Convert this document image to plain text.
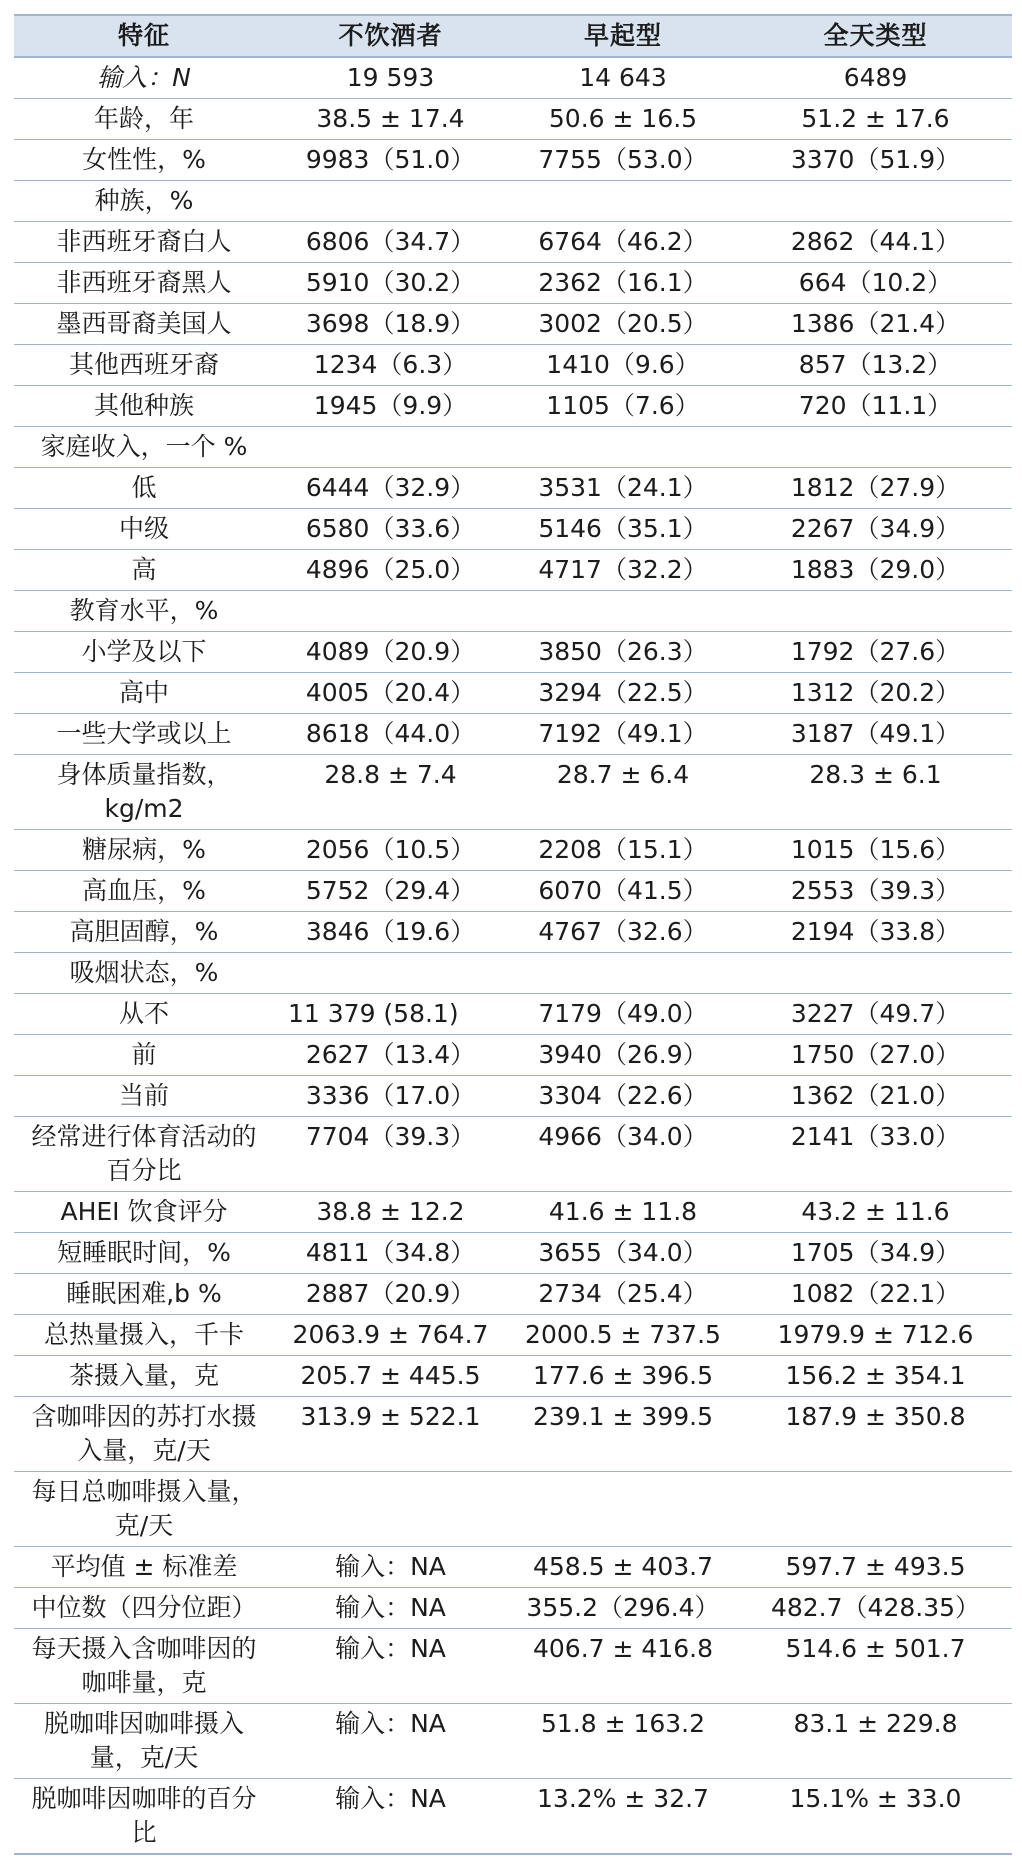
特征	不饮酒者	早起型	全天类型
输入：N	19 593	14 643	6489
年龄，年	38.5 ± 17.4	50.6 ± 16.5	51.2 ± 17.6
女性性，%	9983（51.0）	7755（53.0）	3370（51.9）
种族，%			
非西班牙裔白人	6806（34.7）	6764（46.2）	2862（44.1）
非西班牙裔黑人	5910（30.2）	2362（16.1）	664（10.2）
墨西哥裔美国人	3698（18.9）	3002（20.5）	1386（21.4）
其他西班牙裔	1234（6.3）	1410（9.6）	857（13.2）
其他种族	1945（9.9）	1105（7.6）	720（11.1）
家庭收入，一个 %			
低	6444（32.9）	3531（24.1）	1812（27.9）
中级	6580（33.6）	5146（35.1）	2267（34.9）
高	4896（25.0）	4717（32.2）	1883（29.0）
教育水平，%			
小学及以下	4089（20.9）	3850（26.3）	1792（27.6）
高中	4005（20.4）	3294（22.5）	1312（20.2）
一些大学或以上	8618（44.0）	7192（49.1）	3187（49.1）
身体质量指数，kg/m2	28.8 ± 7.4	28.7 ± 6.4	28.3 ± 6.1
糖尿病，%	2056（10.5）	2208（15.1）	1015（15.6）
高血压，%	5752（29.4）	6070（41.5）	2553（39.3）
高胆固醇，%	3846（19.6）	4767（32.6）	2194（33.8）
吸烟状态，%			
从不	11 379 (58.1)	7179（49.0）	3227（49.7）
前	2627（13.4）	3940（26.9）	1750（27.0）
当前	3336（17.0）	3304（22.6）	1362（21.0）
经常进行体育活动的百分比	7704（39.3）	4966（34.0）	2141（33.0）
AHEI 饮食评分	38.8 ± 12.2	41.6 ± 11.8	43.2 ± 11.6
短睡眠时间，%	4811（34.8）	3655（34.0）	1705（34.9）
睡眠困难,b %	2887（20.9）	2734（25.4）	1082（22.1）
总热量摄入，千卡	2063.9 ± 764.7	2000.5 ± 737.5	1979.9 ± 712.6
茶摄入量，克	205.7 ± 445.5	177.6 ± 396.5	156.2 ± 354.1
含咖啡因的苏打水摄入量，克/天	313.9 ± 522.1	239.1 ± 399.5	187.9 ± 350.8
每日总咖啡摄入量，克/天			
平均值 ± 标准差	输入：NA	458.5 ± 403.7	597.7 ± 493.5
中位数（四分位距）	输入：NA	355.2（296.4）	482.7（428.35）
每天摄入含咖啡因的咖啡量，克	输入：NA	406.7 ± 416.8	514.6 ± 501.7
脱咖啡因咖啡摄入量，克/天	输入：NA	51.8 ± 163.2	83.1 ± 229.8
脱咖啡因咖啡的百分比	输入：NA	13.2% ± 32.7	15.1% ± 33.0
